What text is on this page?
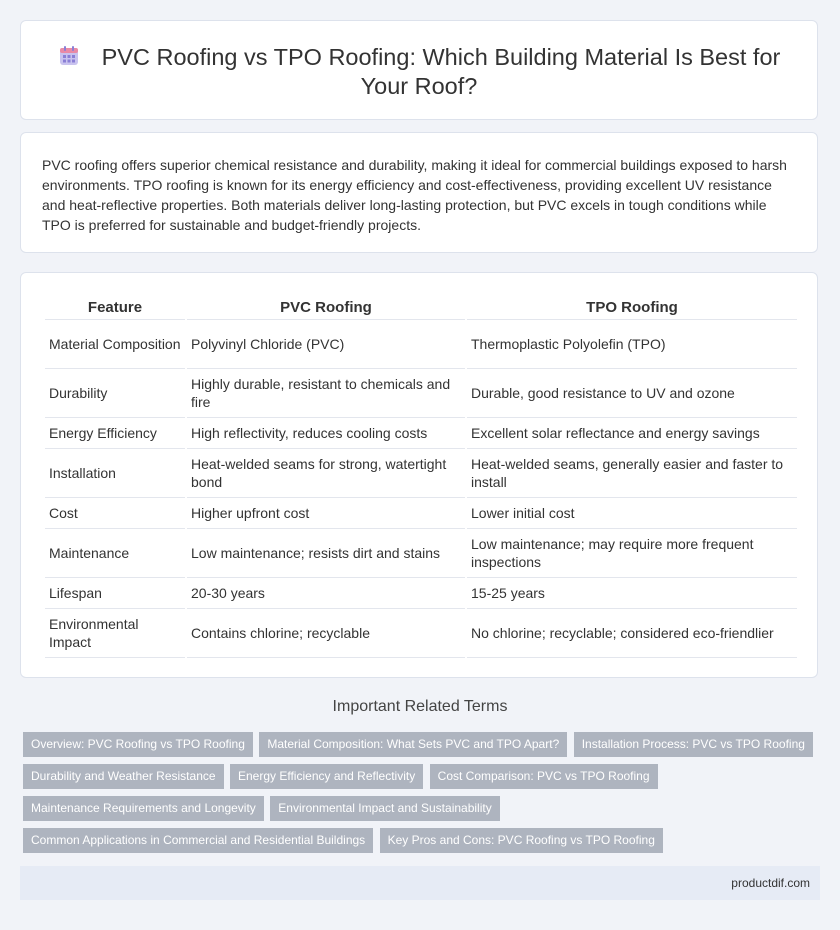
PVC Roofing vs TPO Roofing: Which Building Material Is Best for Your Roof?

PVC roofing offers superior chemical resistance and durability, making it ideal for commercial buildings exposed to harsh environments. TPO roofing is known for its energy efficiency and cost-effectiveness, providing excellent UV resistance and heat-reflective properties. Both materials deliver long-lasting protection, but PVC excels in tough conditions while TPO is preferred for sustainable and budget-friendly projects.

Feature	PVC Roofing	TPO Roofing
Material Composition	Polyvinyl Chloride (PVC)	Thermoplastic Polyolefin (TPO)
Durability	Highly durable, resistant to chemicals and fire	Durable, good resistance to UV and ozone
Energy Efficiency	High reflectivity, reduces cooling costs	Excellent solar reflectance and energy savings
Installation	Heat-welded seams for strong, watertight bond	Heat-welded seams, generally easier and faster to install
Cost	Higher upfront cost	Lower initial cost
Maintenance	Low maintenance; resists dirt and stains	Low maintenance; may require more frequent inspections
Lifespan	20-30 years	15-25 years
Environmental Impact	Contains chlorine; recyclable	No chlorine; recyclable; considered eco-friendlier
Important Related Terms
Overview: PVC Roofing vs TPO Roofing Material Composition: What Sets PVC and TPO Apart? Installation Process: PVC vs TPO Roofing
Durability and Weather Resistance Energy Efficiency and Reflectivity Cost Comparison: PVC vs TPO Roofing
Maintenance Requirements and Longevity Environmental Impact and Sustainability
Common Applications in Commercial and Residential Buildings Key Pros and Cons: PVC Roofing vs TPO Roofing
productdif.com
